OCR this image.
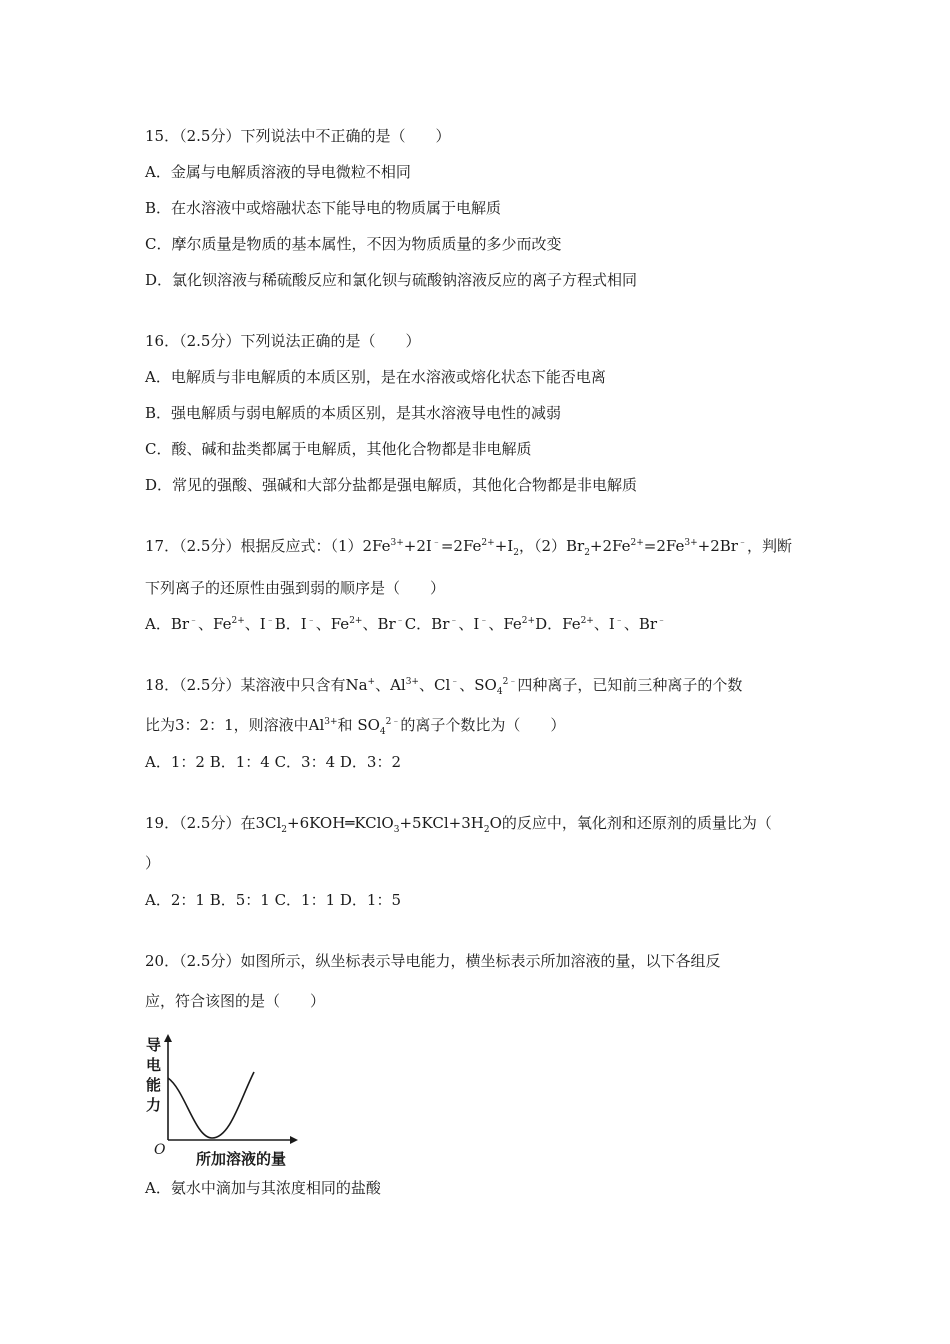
15．（2.5分）下列说法中不正确的是（　　）
A．金属与电解质溶液的导电微粒不相同
B．在水溶液中或熔融状态下能导电的物质属于电解质
C．摩尔质量是物质的基本属性，不因为物质质量的多少而改变
D．氯化钡溶液与稀硫酸反应和氯化钡与硫酸钠溶液反应的离子方程式相同
16．（2.5分）下列说法正确的是（　　）
A．电解质与非电解质的本质区别，是在水溶液或熔化状态下能否电离
B．强电解质与弱电解质的本质区别，是其水溶液导电性的减弱
C．酸、碱和盐类都属于电解质，其他化合物都是非电解质
D．常见的强酸、强碱和大部分盐都是强电解质，其他化合物都是非电解质
17．（2.5分）根据反应式：$(1)2Fe^{3+}+2I^﹣=2Fe^{2+}+I_2$，$(2)Br_2+2Fe^{2+}=2Fe^{3+}+2Br^﹣$，判断
下列离子的还原性由强到弱的顺序是（　　）
A．Br﹣、$Fe^{2+}$、I﹣B．I﹣、$Fe^{2+}$、Br﹣C．Br﹣、I﹣、$Fe^{2+}D$．$Fe^{2+}$、I﹣、Br﹣
18．（2.5分）某溶液中只含有Na+、$Al^{3+}$、Cl﹣、$SO_4^{2﹣}$四种离子，已知前三种离子的个数
比为3：2：1，则溶液中$Al^{3+}$和 $SO_4^{2﹣}$的离子个数比为（　　）
A．1：2 B．1：4 C．3：4 D．3：2
19．（2.5分）在$3Cl_2+6KOH═KClO_3+5KCl+3H_2O$的反应中，氧化剂和还原剂的质量比为（
）
A．2：1 B．5：1 C．1：1 D．1：5
20．（2.5分）如图所示，纵坐标表示导电能力，横坐标表示所加溶液的量，以下各组反
应，符合该图的是（　　）
导
电
能
力
O 所加溶液的量
A．氨水中滴加与其浓度相同的盐酸
